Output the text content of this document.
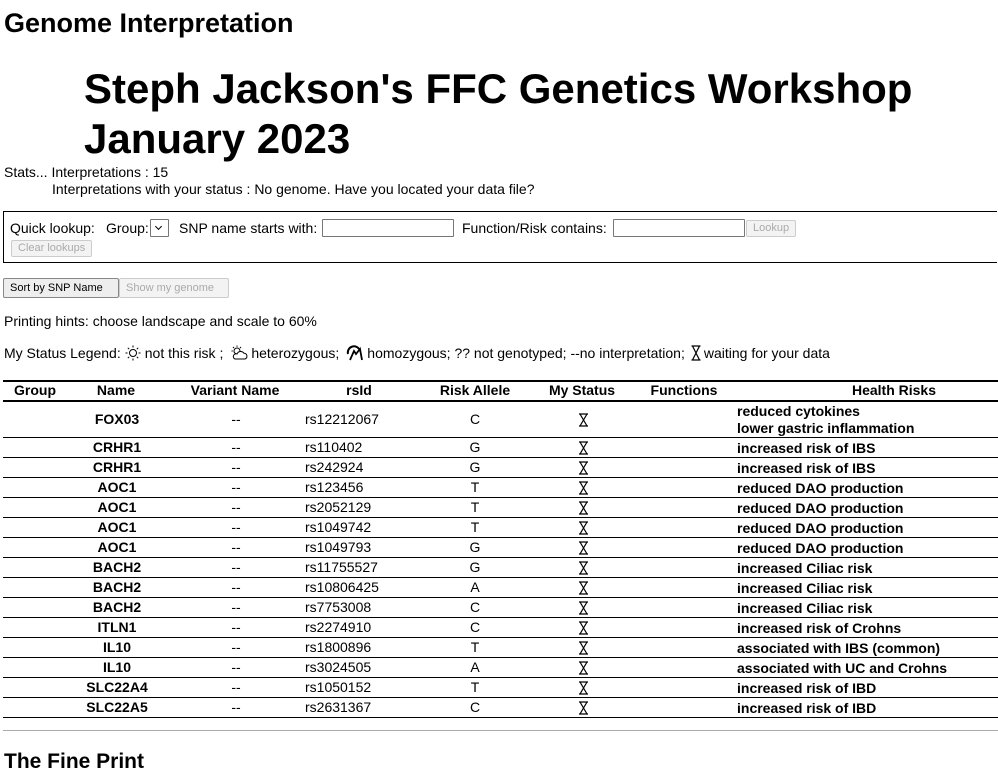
Genome Interpretation
Steph Jackson's FFC Genetics Workshop January 2023
Stats... Interpretations : 15
Interpretations with your status : No genome. Have you located your data file?
Quick lookup: Group: SNP name starts with:	Function/Risk contains:	Lookup
Clear lookups
Sort by SNP Name	Show my genome
Printing hints: choose landscape and scale to 60%
My Status Legend: not this risk ; heterozygous; homozygous; ?? not genotyped; --no interpretation; waiting for your data
Group	Name	Variant Name	rsId	Risk Allele	My Status	Functions	Health Risks
FOX03	--	rs12212067	C	reduced cytokines
lower gastric inflammation
CRHR1	--	rs110402	G	increased risk of IBS
CRHR1	--	rs242924	G	increased risk of IBS
AOC1	--	rs123456	T	reduced DAO production
AOC1	--	rs2052129	T	reduced DAO production
AOC1	--	rs1049742	T	reduced DAO production
AOC1	--	rs1049793	G	reduced DAO production
BACH2	--	rs11755527	G	increased Ciliac risk
BACH2	--	rs10806425	A	increased Ciliac risk
BACH2	--	rs7753008	C	increased Ciliac risk
ITLN1	--	rs2274910	C	increased risk of Crohns
IL10	--	rs1800896	T	associated with IBS (common)
IL10	--	rs3024505	A	associated with UC and Crohns
SLC22A4	--	rs1050152	T	increased risk of IBD
SLC22A5	--	rs2631367	C	increased risk of IBD
The Fine Print
